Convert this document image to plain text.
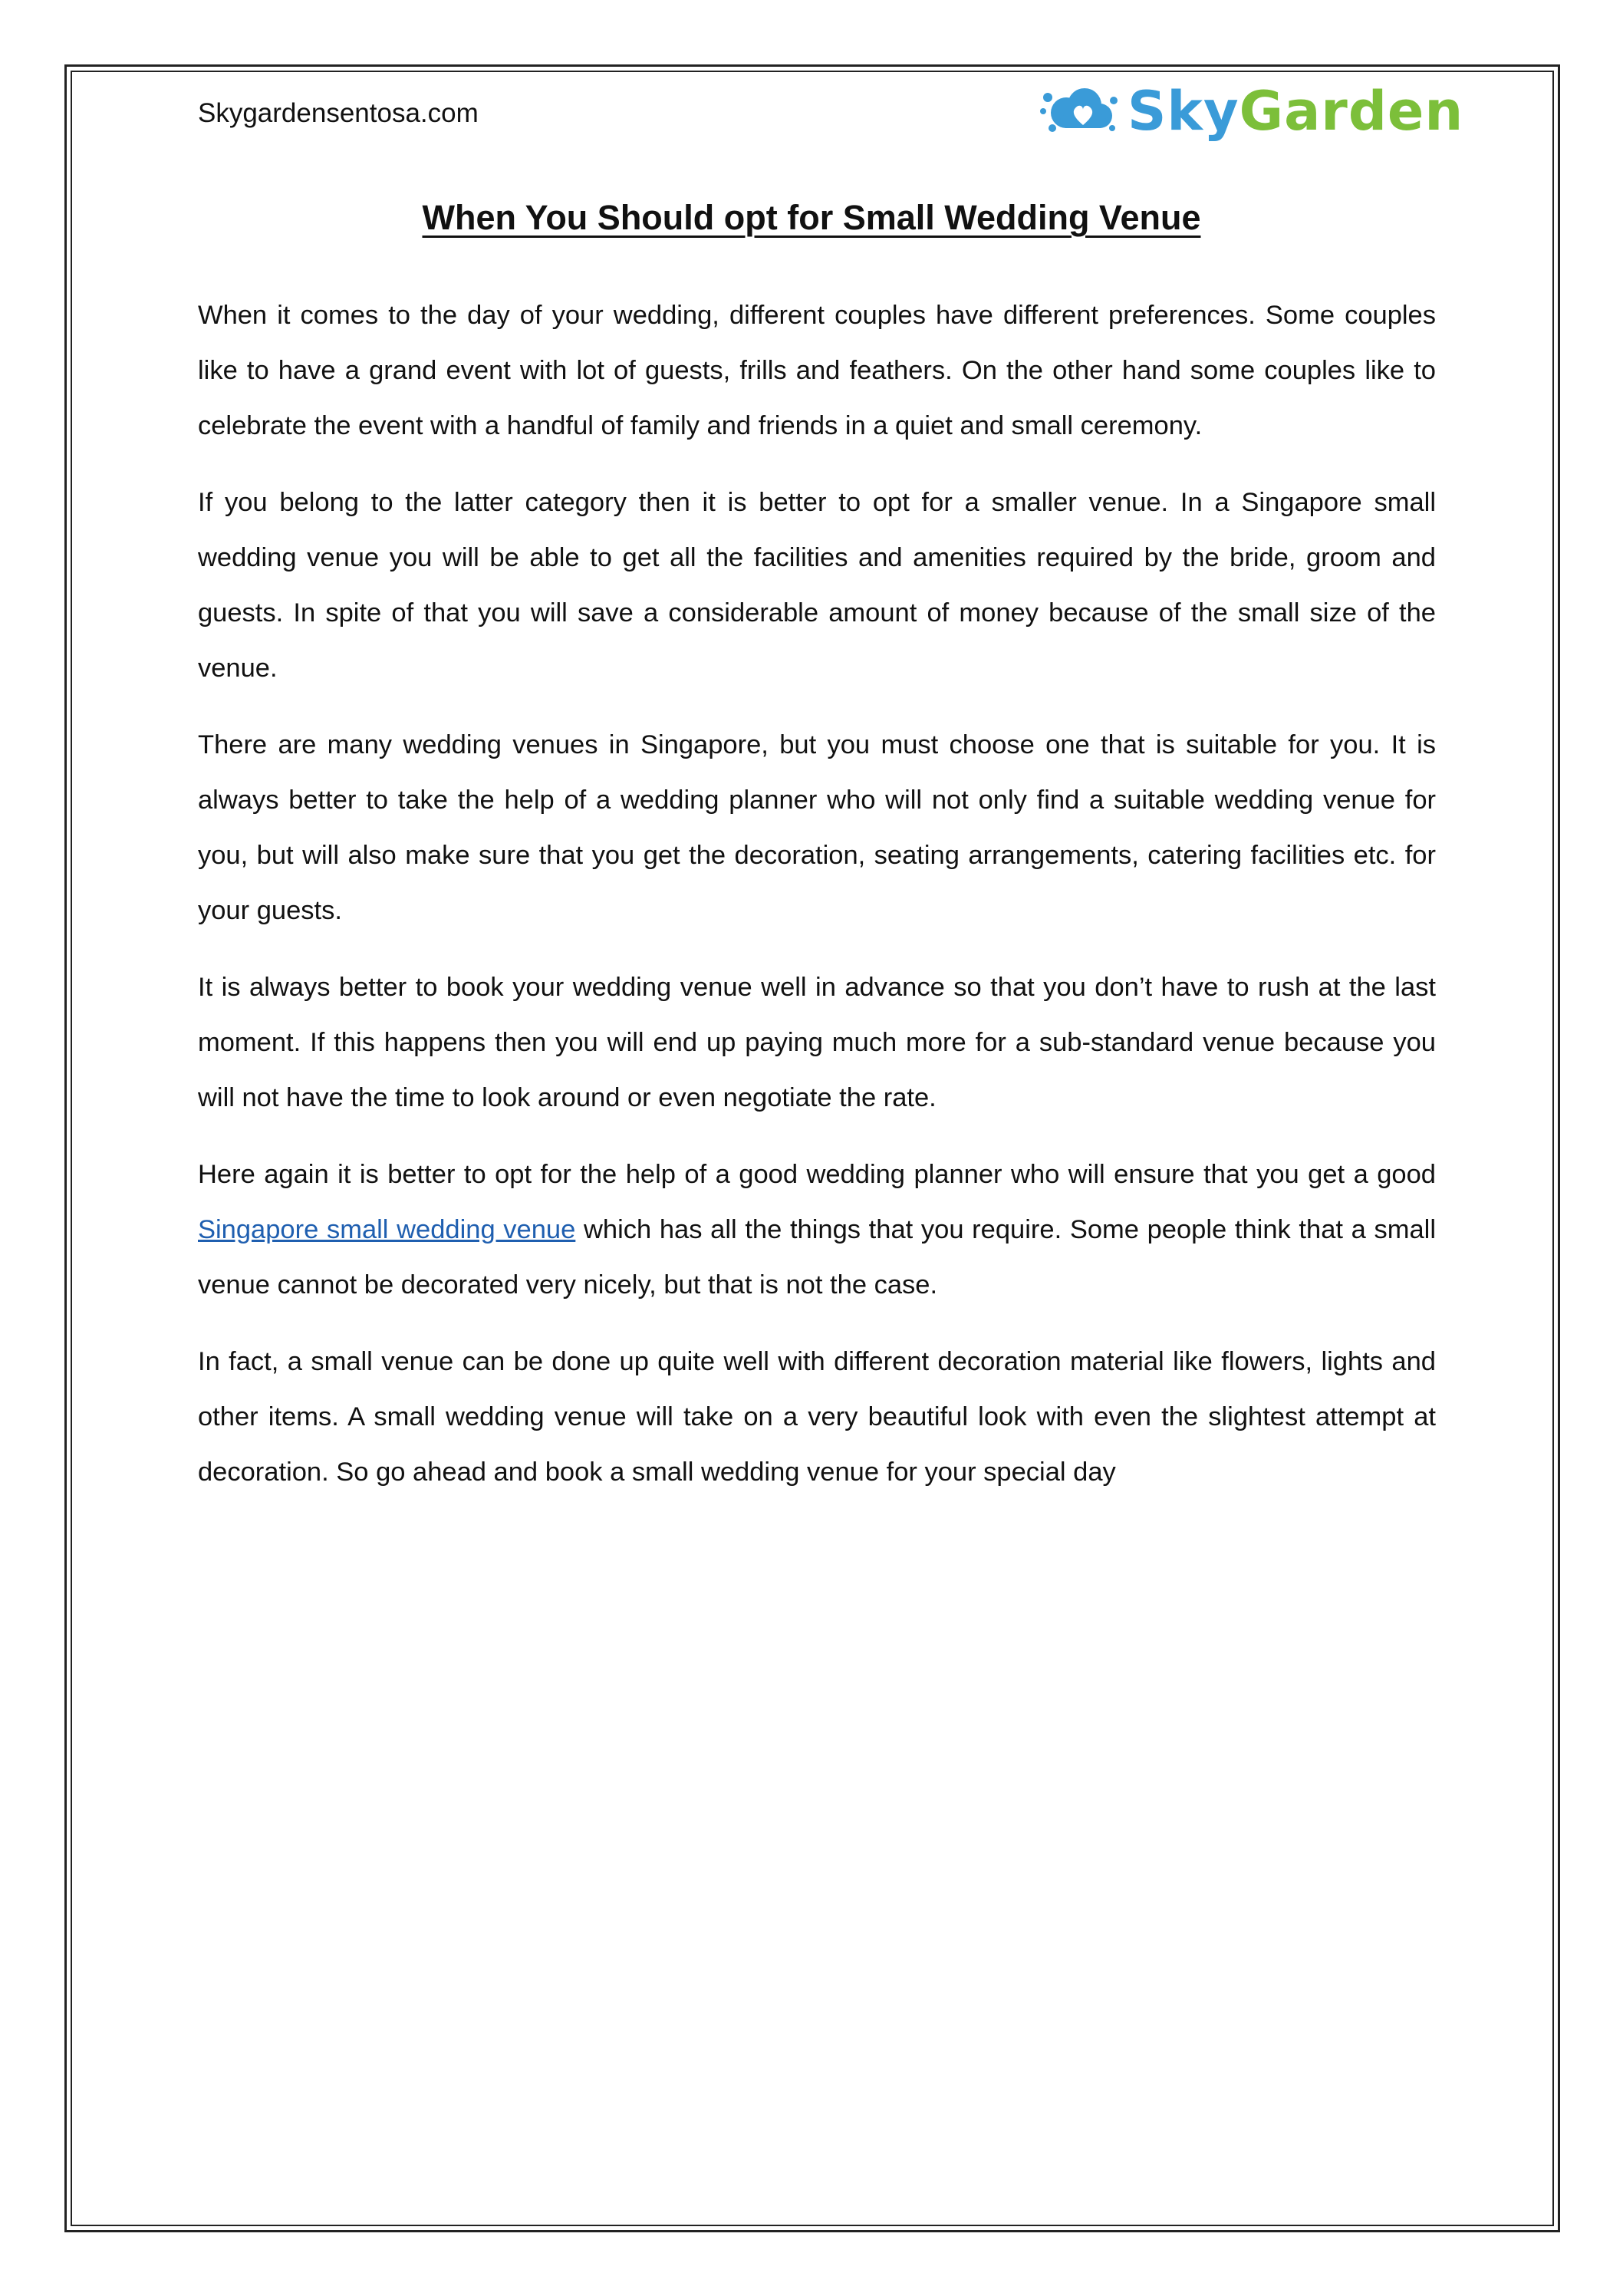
Skygardensentosa.com	SkyGarden
When You Should opt for Small Wedding Venue

When it comes to the day of your wedding, different couples have different preferences. Some couples like to have a grand event with lot of guests, frills and feathers. On the other hand some couples like to celebrate the event with a handful of family and friends in a quiet and small ceremony.

If you belong to the latter category then it is better to opt for a smaller venue. In a Singapore small wedding venue you will be able to get all the facilities and amenities required by the bride, groom and guests. In spite of that you will save a considerable amount of money because of the small size of the venue.

There are many wedding venues in Singapore, but you must choose one that is suitable for you. It is always better to take the help of a wedding planner who will not only find a suitable wedding venue for you, but will also make sure that you get the decoration, seating arrangements, catering facilities etc. for your guests.

It is always better to book your wedding venue well in advance so that you don’t have to rush at the last moment. If this happens then you will end up paying much more for a sub-standard venue because you will not have the time to look around or even negotiate the rate.

Here again it is better to opt for the help of a good wedding planner who will ensure that you get a good Singapore small wedding venue which has all the things that you require. Some people think that a small venue cannot be decorated very nicely, but that is not the case.

In fact, a small venue can be done up quite well with different decoration material like flowers, lights and other items. A small wedding venue will take on a very beautiful look with even the slightest attempt at decoration. So go ahead and book a small wedding venue for your special day
